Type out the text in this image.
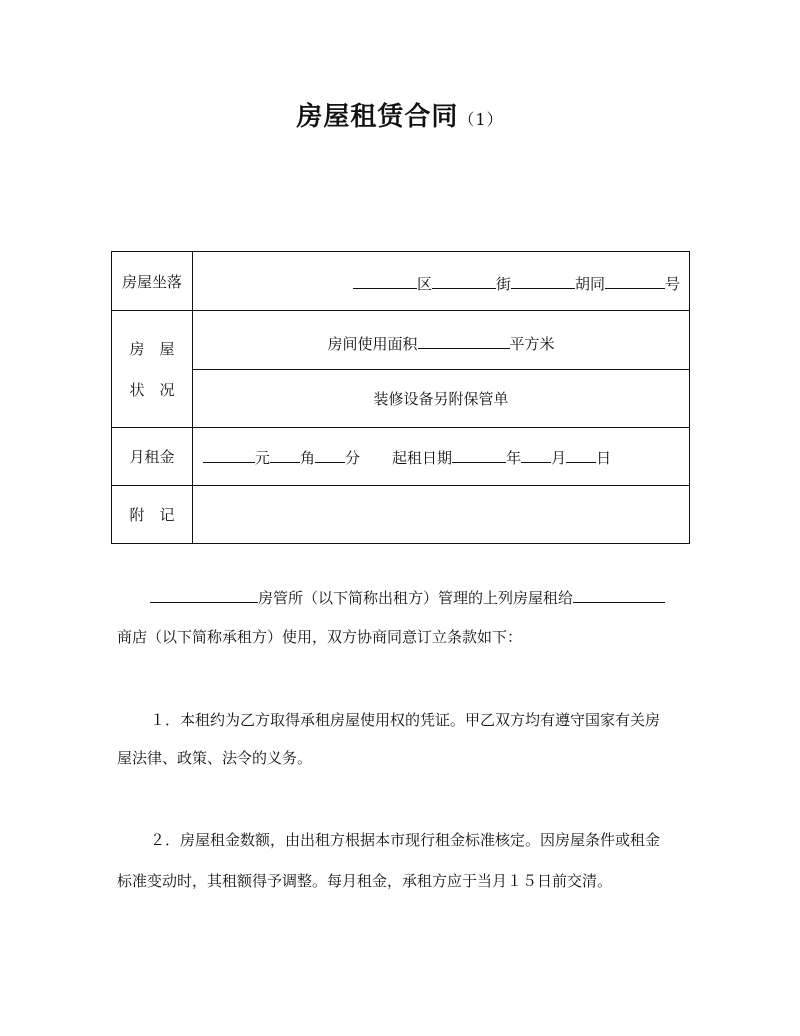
房屋租赁合同（1）
房屋坐落	区 街 胡同 号

房　屋
状　况	房间使用面积 平方米
	装修设备另附保管单
月租金	元 角 分 起租日期 年 月 日

附　记	
房管所（以下简称出租方）管理的上列房屋租给
商店（以下简称承租方）使用，双方协商同意订立条款如下：
１．本租约为乙方取得承租房屋使用权的凭证。甲乙双方均有遵守国家有关房
屋法律、政策、法令的义务。
２．房屋租金数额，由出租方根据本市现行租金标准核定。因房屋条件或租金
标准变动时，其租额得予调整。每月租金，承租方应于当月１５日前交清。
